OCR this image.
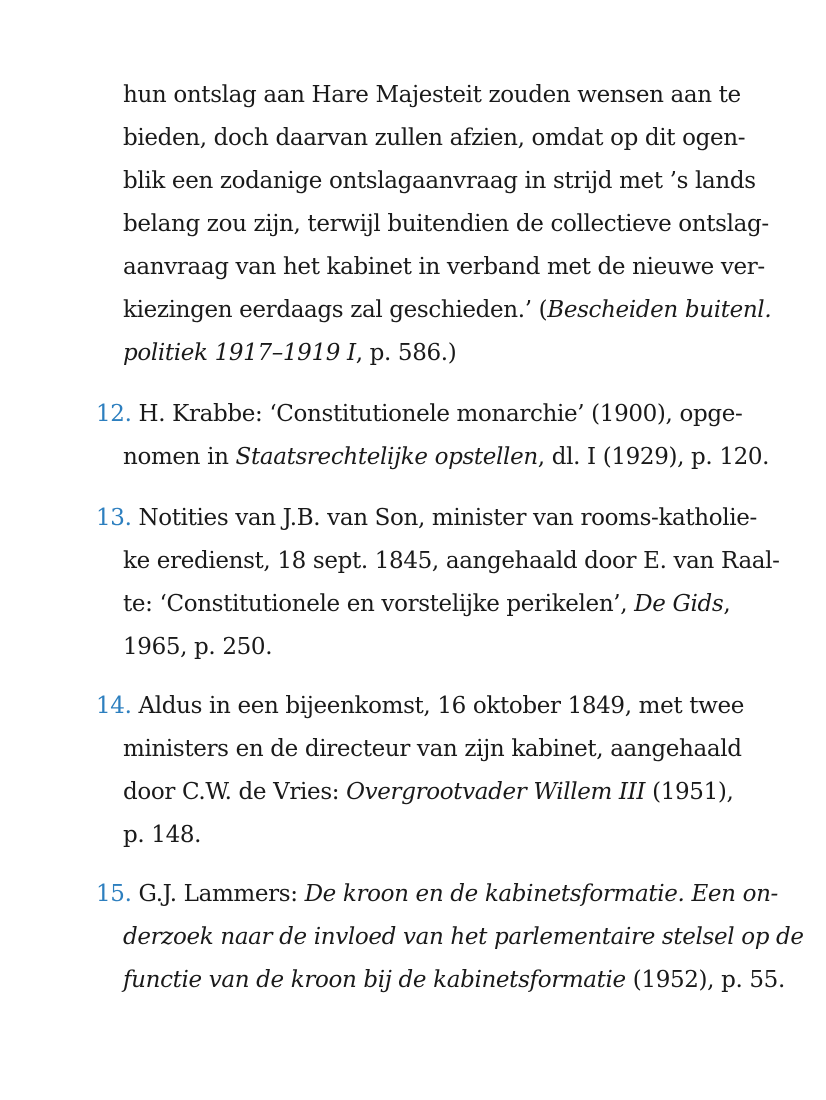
hun ontslag aan Hare Majesteit zouden wensen aan te
bieden, doch daarvan zullen afzien, omdat op dit ogen-
blik een zodanige ontslagaanvraag in strijd met ’s lands
belang zou zijn, terwijl buitendien de collectieve ontslag-
aanvraag van het kabinet in verband met de nieuwe ver-
kiezingen eerdaags zal geschieden.’ (Bescheiden buitenl.
politiek 1917–1919 I, p. 586.)
12. H. Krabbe: ‘Constitutionele monarchie’ (1900), opge-
nomen in Staatsrechtelijke opstellen, dl. I (1929), p. 120.
13. Notities van J.B. van Son, minister van rooms-katholie-
ke eredienst, 18 sept. 1845, aangehaald door E. van Raal-
te: ‘Constitutionele en vorstelijke perikelen’, De Gids,
1965, p. 250.
14. Aldus in een bijeenkomst, 16 oktober 1849, met twee
ministers en de directeur van zijn kabinet, aangehaald
door C.W. de Vries: Overgrootvader Willem III (1951),
p. 148.
15. G.J. Lammers: De kroon en de kabinetsformatie. Een on-
derzoek naar de invloed van het parlementaire stelsel op de
functie van de kroon bij de kabinetsformatie (1952), p. 55.
